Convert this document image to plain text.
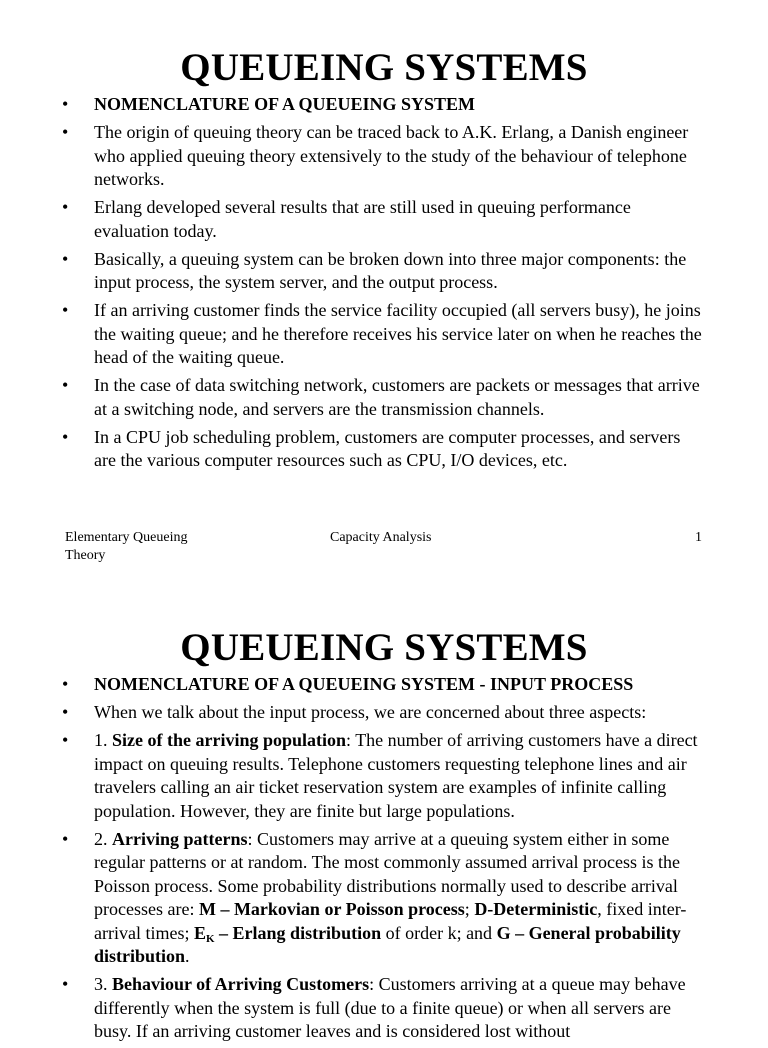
QUEUEING SYSTEMS
• NOMENCLATURE OF A QUEUEING SYSTEM
• The origin of queuing theory can be traced back to A.K. Erlang, a Danish engineer who applied queuing theory extensively to the study of the behaviour of telephone networks.
• Erlang developed several results that are still used in queuing performance evaluation today.
• Basically, a queuing system can be broken down into three major components: the input process, the system server, and the output process.
• If an arriving customer finds the service facility occupied (all servers busy), he joins the waiting queue; and he therefore receives his service later on when he reaches the head of the waiting queue.
• In the case of data switching network, customers are packets or messages that arrive at a switching node, and servers are the transmission channels.
• In a CPU job scheduling problem, customers are computer processes, and servers are the various computer resources such as CPU, I/O devices, etc.
Elementary Queueing Theory
Capacity Analysis	1
QUEUEING SYSTEMS
• NOMENCLATURE OF A QUEUEING SYSTEM - INPUT PROCESS
• When we talk about the input process, we are concerned about three aspects:
• 1. Size of the arriving population: The number of arriving customers have a direct impact on queuing results. Telephone customers requesting telephone lines and air travelers calling an air ticket reservation system are examples of infinite calling population. However, they are finite but large populations.
• 2. Arriving patterns: Customers may arrive at a queuing system either in some regular patterns or at random. The most commonly assumed arrival process is the Poisson process. Some probability distributions normally used to describe arrival processes are: M – Markovian or Poisson process; D-Deterministic, fixed inter-arrival times; $E_K$ – Erlang distribution of order k; and G – General probability distribution.
• 3. Behaviour of Arriving Customers: Customers arriving at a queue may behave differently when the system is full (due to a finite queue) or when all servers are busy. If an arriving customer leaves and is considered lost without
